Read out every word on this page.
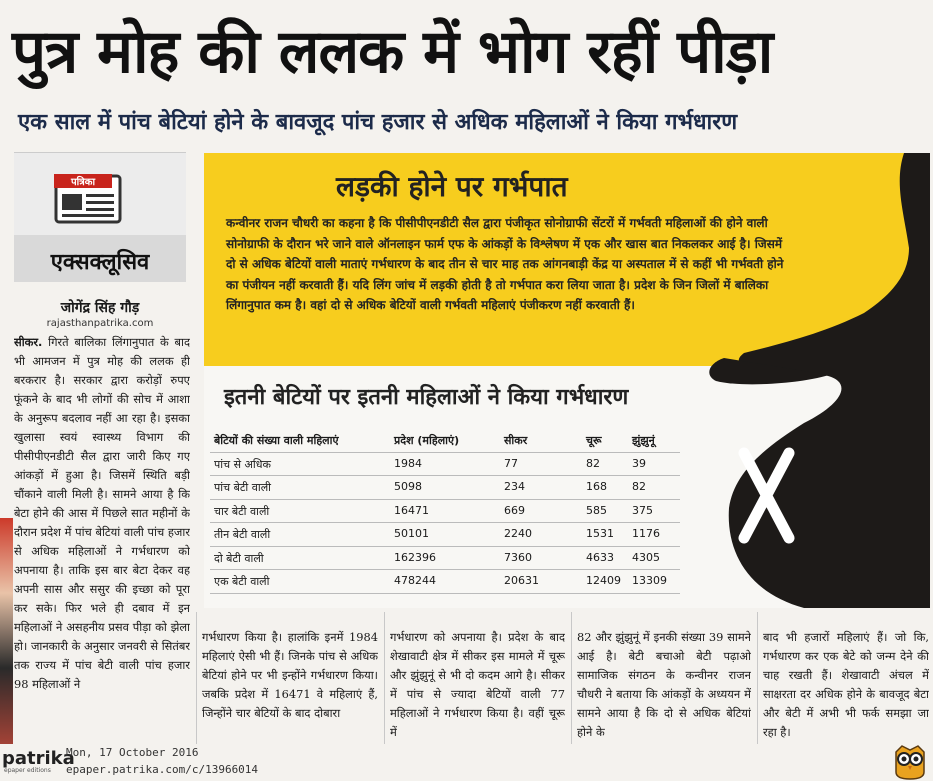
पुत्र मोह की ललक में भोग रहीं पीड़ा
एक साल में पांच बेटियां होने के बावजूद पांच हजार से अधिक महिलाओं ने किया गर्भधारण
पत्रिका
एक्सक्लूसिव
जोगेंद्र सिंह गौड़
rajasthanpatrika.com
सीकर. गिरते बालिका लिंगानुपात के बाद भी आमजन में पुत्र मोह की ललक ही बरकरार है। सरकार द्वारा करोड़ों रुपए फूंकने के बाद भी लोगों की सोच में आशा के अनुरूप बदलाव नहीं आ रहा है। इसका खुलासा स्वयं स्वास्थ्य विभाग की पीसीपीएनडीटी सैल द्वारा जारी किए गए आंकड़ों में हुआ है। जिसमें स्थिति बड़ी चौंकाने वाली मिली है। सामने आया है कि बेटा होने की आस में पिछले सात महीनों के दौरान प्रदेश में पांच बेटियां वाली पांच हजार से अधिक महिलाओं ने गर्भधारण को अपनाया है। ताकि इस बार बेटा देकर वह अपनी सास और ससुर की इच्छा को पूरा कर सके। फिर भले ही दबाव में इन महिलाओं ने असहनीय प्रसव पीड़ा को झेला हो। जानकारी के अनुसार जनवरी से सितंबर तक राज्य में पांच बेटी वाली पांच हजार 98 महिलाओं ने
लड़की होने पर गर्भपात
कन्वीनर राजन चौधरी का कहना है कि पीसीपीएनडीटी सैल द्वारा पंजीकृत सोनोग्राफी सेंटरों में गर्भवती महिलाओं की होने वाली सोनोग्राफी के दौरान भरे जाने वाले ऑनलाइन फार्म एफ के आंकड़ों के विश्लेषण में एक और खास बात निकलकर आई है। जिसमें दो से अधिक बेटियों वाली माताएं गर्भधारण के बाद तीन से चार माह तक आंगनबाड़ी केंद्र या अस्पताल में से कहीं भी गर्भवती होने का पंजीयन नहीं करवाती हैं। यदि लिंग जांच में लड़की होती है तो गर्भपात करा लिया जाता है। प्रदेश के जिन जिलों में बालिका लिंगानुपात कम है। वहां दो से अधिक बेटियों वाली गर्भवती महिलाएं पंजीकरण नहीं करवाती हैं।
इतनी बेटियों पर इतनी महिलाओं ने किया गर्भधारण
बेटियों की संख्या वाली महिलाएं	प्रदेश (महिलाएं)	सीकर	चूरू	झुंझुनूं
पांच से अधिक	1984	77	82	39
पांच बेटी वाली	5098	234	168 82
चार बेटी वाली	16471	669	585 375
तीन बेटी वाली	50101	2240	1531 1176
दो बेटी वाली	162396	7360	4633 4305
एक बेटी वाली	478244	20631	12409 13309
गर्भधारण किया है। हालांकि इनमें 1984 महिलाएं ऐसी भी हैं। जिनके पांच से अधिक बेटियां होने पर भी इन्होंने गर्भधारण किया। जबकि प्रदेश में 16471 वे महिलाएं हैं, जिन्होंने चार बेटियों के बाद दोबारा
गर्भधारण को अपनाया है। प्रदेश के बाद शेखावाटी क्षेत्र में सीकर इस मामले में चूरू और झुंझुनूं से भी दो कदम आगे है। सीकर में पांच से ज्यादा बेटियों वाली 77 महिलाओं ने गर्भधारण किया है। वहीं चूरू में
82 और झुंझुनूं में इनकी संख्या 39 सामने आई है। बेटी बचाओ बेटी पढ़ाओ सामाजिक संगठन के कन्वीनर राजन चौधरी ने बताया कि आंकड़ों के अध्ययन में सामने आया है कि दो से अधिक बेटियां होने के
बाद भी हजारों महिलाएं हैं। जो कि, गर्भधारण कर एक बेटे को जन्म देने की चाह रखती हैं। शेखावाटी अंचल में साक्षरता दर अधिक होने के बावजूद बेटा और बेटी में अभी भी फर्क समझा जा रहा है।
patrika
epaper editions
Mon, 17 October 2016
epaper.patrika.com/c/13966014
